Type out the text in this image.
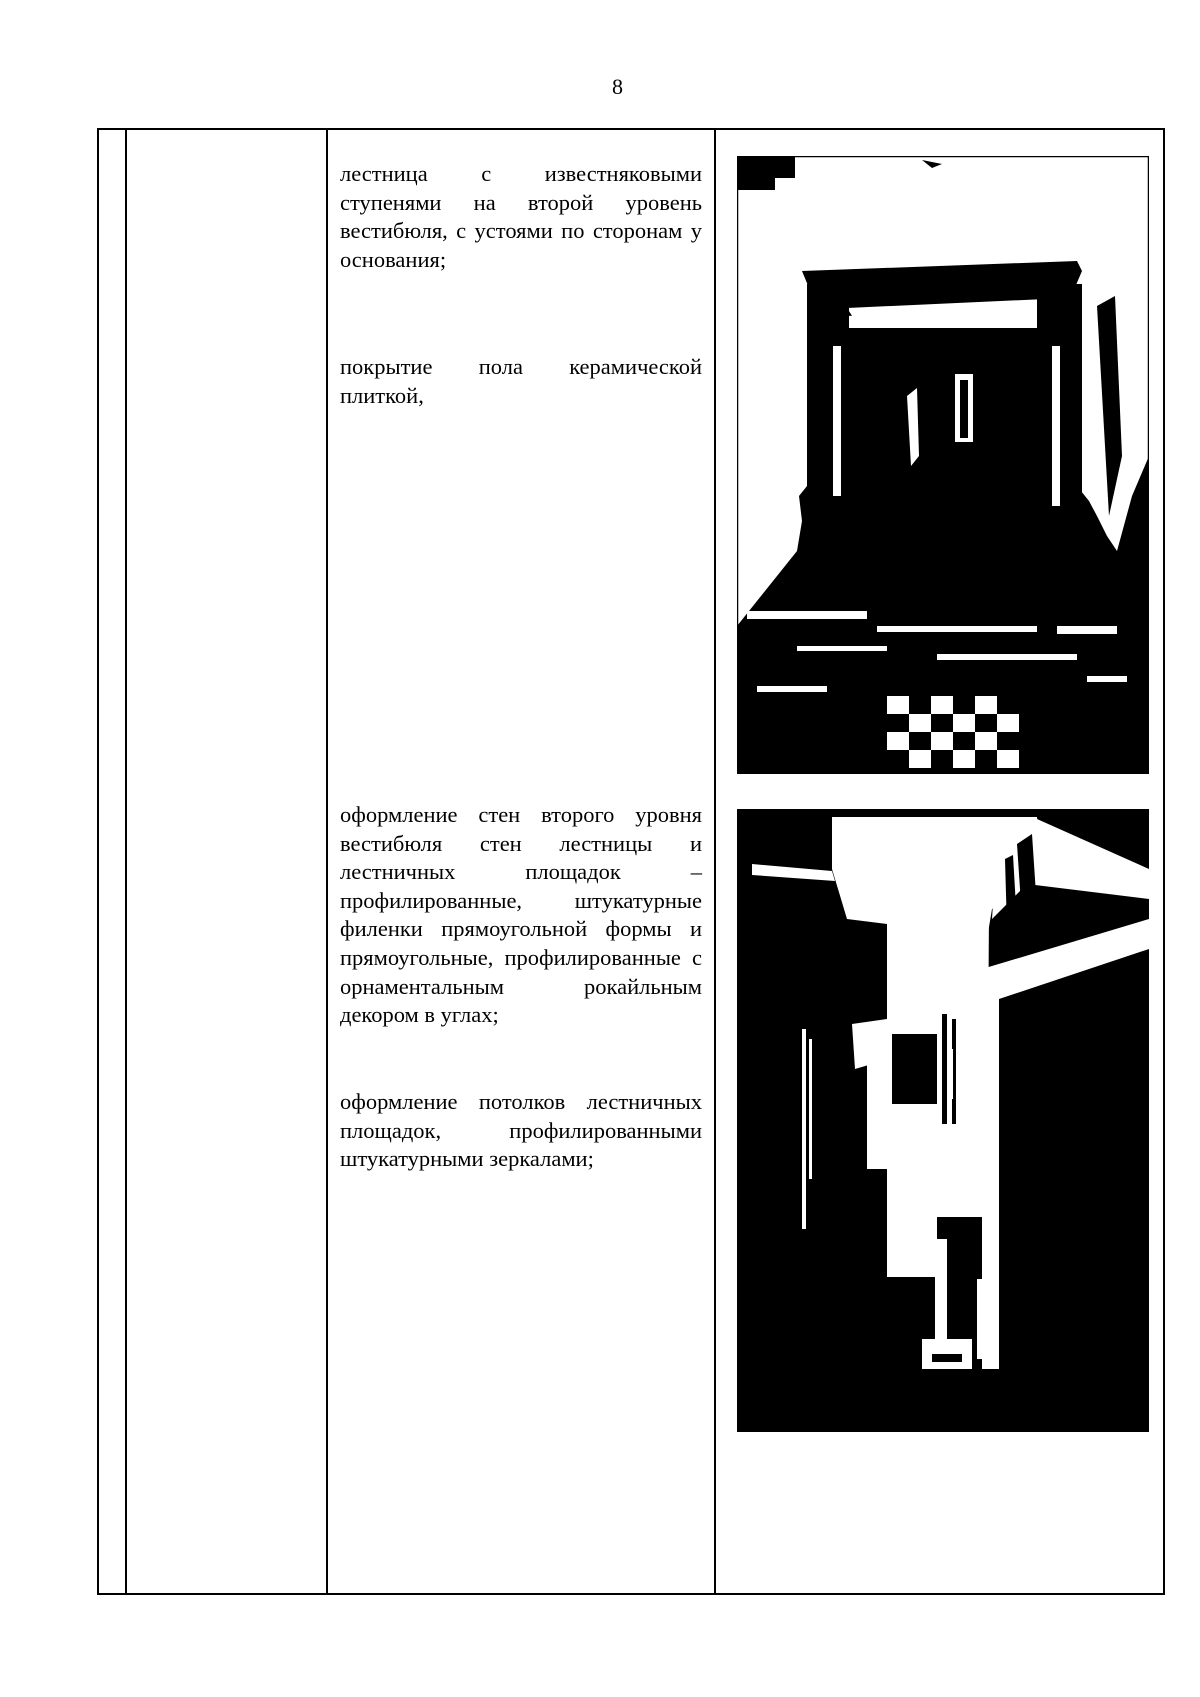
8
лестница с известняковыми ступенями на второй уровень вестибюля, с устоями по сторонам у основания;
покрытие пола керамической плиткой,
оформление стен второго уровня вестибюля стен лестницы и лестничных площадок – профилированные, штукатурные филенки прямоугольной формы и прямоугольные, профилированные с орнаментальным рокайльным декором в углах;
оформление потолков лестничных площадок, профилированными штукатурными зеркалами;
